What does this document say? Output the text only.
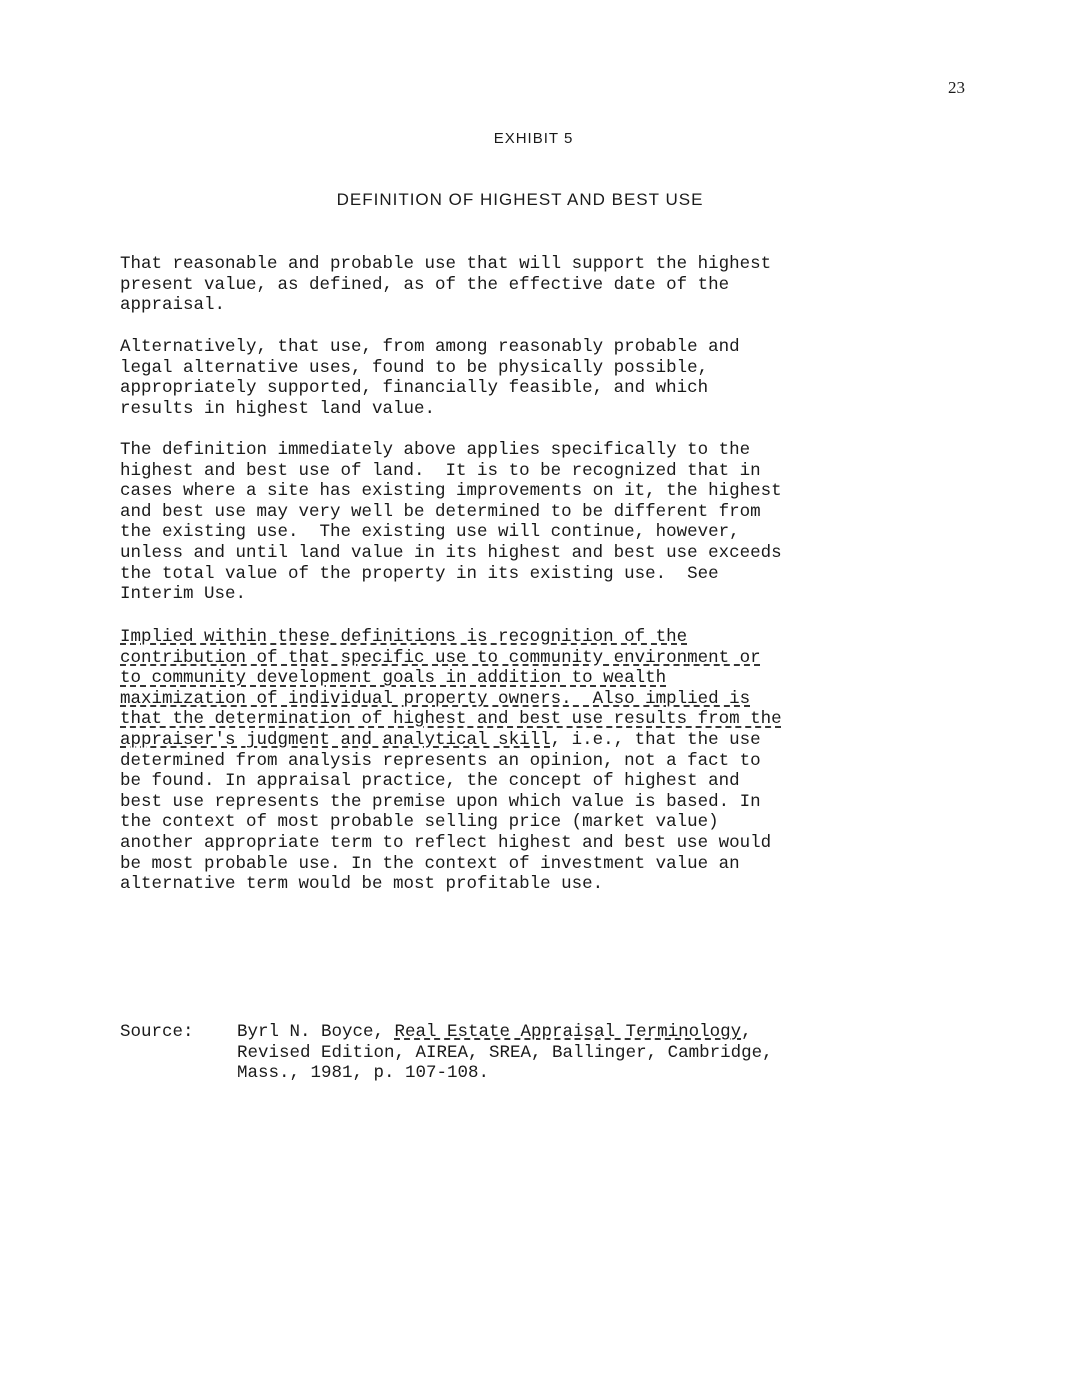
23
EXHIBIT 5
DEFINITION OF HIGHEST AND BEST USE

That reasonable and probable use that will support the highest
present value, as defined, as of the effective date of the
appraisal.

Alternatively, that use, from among reasonably probable and
legal alternative uses, found to be physically possible,
appropriately supported, financially feasible, and which
results in highest land value.

The definition immediately above applies specifically to the
highest and best use of land.  It is to be recognized that in
cases where a site has existing improvements on it, the highest
and best use may very well be determined to be different from
the existing use.  The existing use will continue, however,
unless and until land value in its highest and best use exceeds
the total value of the property in its existing use.  See
Interim Use.

Implied within these definitions is recognition of the
contribution of that specific use to community environment or
to community development goals in addition to wealth
maximization of individual property owners.  Also implied is
that the determination of highest and best use results from the
appraiser's judgment and analytical skill, i.e., that the use
determined from analysis represents an opinion, not a fact to
be found. In appraisal practice, the concept of highest and
best use represents the premise upon which value is based. In
the context of most probable selling price (market value)
another appropriate term to reflect highest and best use would
be most probable use. In the context of investment value an
alternative term would be most profitable use.

Source: Byrl N. Boyce, Real Estate Appraisal Terminology,
Revised Edition, AIREA, SREA, Ballinger, Cambridge,
Mass., 1981, p. 107-108.
